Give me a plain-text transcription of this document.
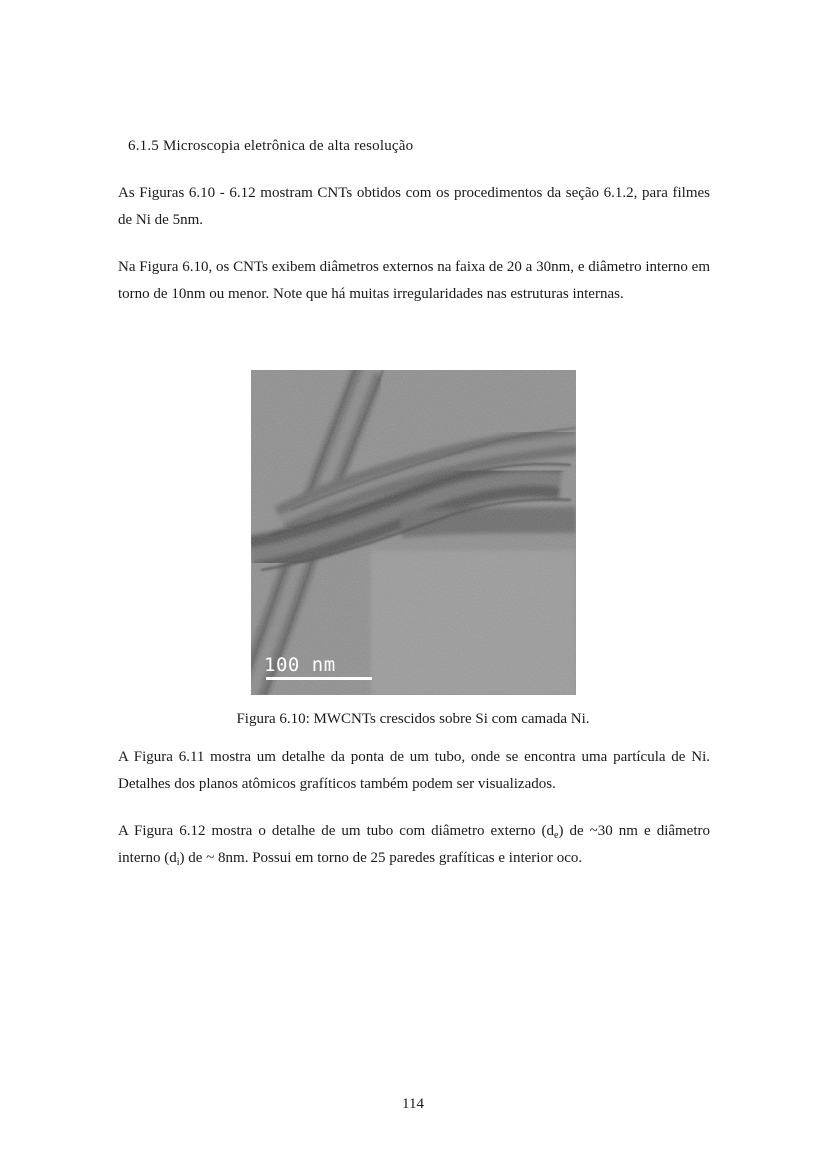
6.1.5 Microscopia eletrônica de alta resolução
As Figuras 6.10 - 6.12 mostram CNTs obtidos com os procedimentos da seção 6.1.2, para filmes de Ni de 5nm.
Na Figura 6.10, os CNTs exibem diâmetros externos na faixa de 20 a 30nm, e diâmetro interno em torno de 10nm ou menor. Note que há muitas irregularidades nas estruturas internas.
100 nm
Figura 6.10: MWCNTs crescidos sobre Si com camada Ni.
A Figura 6.11 mostra um detalhe da ponta de um tubo, onde se encontra uma partícula de Ni. Detalhes dos planos atômicos grafíticos também podem ser visualizados.
A Figura 6.12 mostra o detalhe de um tubo com diâmetro externo $(d_e)$ de ~30 nm e diâmetro interno $(d_i)$ de ~ 8nm. Possui em torno de 25 paredes grafíticas e interior oco.
114
